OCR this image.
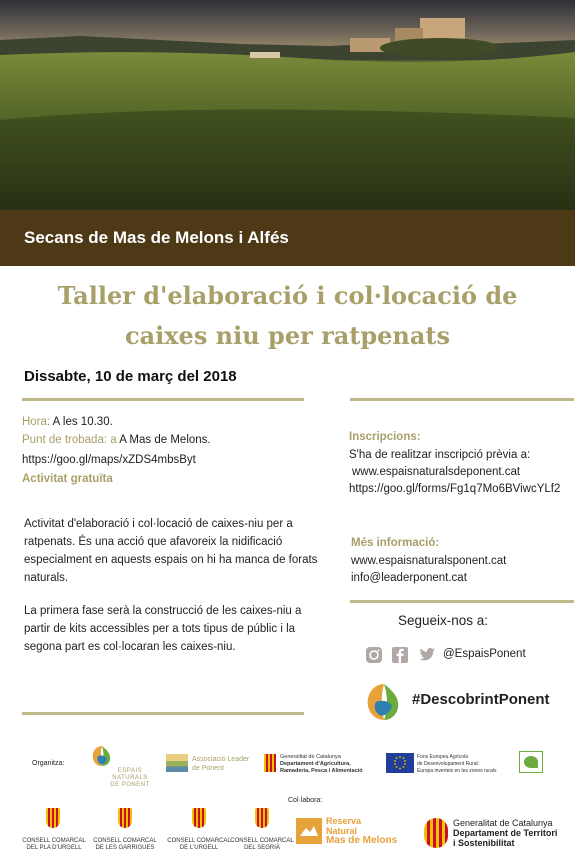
Secans de Mas de Melons i Alfés
Taller d'elaboració i col·locació de
caixes niu per ratpenats
Dissabte, 10 de març del 2018
Hora: A les 10.30.
Punt de trobada: a A Mas de Melons.
https://goo.gl/maps/xZDS4mbsByt
Activitat gratuïta
Activitat d'elaboració i col·locació de caixes-niu per a ratpenats. És una acció que afavoreix la nidificació especialment en aquests espais on hi ha manca de forats naturals.
La primera fase serà la construcció de les caixes-niu a partir de kits accessibles per a tots tipus de públic i la segona part es col·locaran les caixes-niu.
Inscripcions:
S'ha de realitzar inscripció prèvia a:
www.espaisnaturalsdeponent.cat
https://goo.gl/forms/Fg1q7Mo6BViwcYLf2
Més informació:
www.espaisnaturalsponent.cat
info@leaderponent.cat
Segueix-nos a:
@EspaisPonent
#DescobrintPonent
Organitza:
ESPAIS
NATURALS
DE PONENT
Associació Leader
de Ponent
Generalitat de Catalunya
Departament d'Agricultura,
Ramaderia, Pesca i Alimentació
Fons Europeu Agrícola
de Desenvolupament Rural:
Europa inverteix en les zones rurals
Col·labora:
CONSELL COMARCAL
DEL PLA D'URGELL
CONSELL COMARCAL
DE LES GARRIGUES
CONSELL COMARCAL
DE L'URGELL
CONSELL COMARCAL
DEL SEGRIÀ
Reserva
Natural
Mas de Melons
Generalitat de Catalunya
Departament de Territori
i Sostenibilitat
